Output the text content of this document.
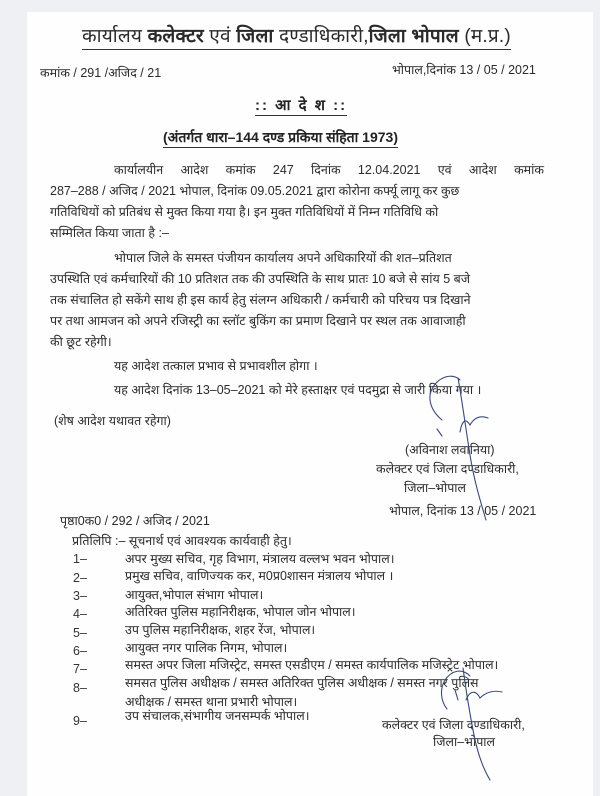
कार्यालय कलेक्टर एवं जिला दण्डाधिकारी,जिला भोपाल (म.प्र.)
कमांक / 291 /अजिद / 21	भोपाल,दिनांक 13 / 05 / 2021
:: आ दे श ::
(अंतर्गत धारा–144 दण्ड प्रकिया संहिता 1973)
कार्यालयीन आदेश कमांक 247 दिनांक 12.04.2021 एवं आदेश कमांक
287–288 / अजिद / 2021 भोपाल, दिनांक 09.05.2021 द्वारा कोरोना कर्फ्यू लागू कर कुछ
गतिविधियों को प्रतिबंध से मुक्त किया गया है। इन मुक्त गतिविधियों में निम्न गतिविधि को
सम्मिलित किया जाता है :–
भोपाल जिले के समस्त पंजीयन कार्यालय अपने अधिकारियों की शत–प्रतिशत
उपस्थिति एवं कर्मचारियों की 10 प्रतिशत तक की उपस्थिति के साथ प्रातः 10 बजे से सांय 5 बजे
तक संचालित हो सकेंगे साथ ही इस कार्य हेतु संलग्न अधिकारी / कर्मचारी को परिचय पत्र दिखाने
पर तथा आमजन को अपने रजिस्ट्री का स्लॉट बुकिंग का प्रमाण दिखाने पर स्थल तक आवाजाही
की छूट रहेगी।
यह आदेश तत्काल प्रभाव से प्रभावशील होगा ।
यह आदेश दिनांक 13–05–2021 को मेरे हस्ताक्षर एवं पदमुद्रा से जारी किया गया ।
(शेष आदेश यथावत रहेगा)
(अविनाश लवानिया)
कलेक्टर एवं जिला दण्डाधिकारी,
जिला–भोपाल
भोपाल, दिनांक 13 / 05 / 2021
पृष्ठा0क0 / 292 / अजिद / 2021
प्रतिलिपि :– सूचनार्थ एवं आवश्यक कार्यवाही हेतु।
1–	अपर मुख्य सचिव, गृह विभाग, मंत्रालय वल्लभ भवन भोपाल।
2–	प्रमुख सचिव, वाणिज्यक कर, म0प्र0शासन मंत्रालय भोपाल ।
3–	आयुक्त,भोपाल संभाग भोपाल।
4–	अतिरिक्त पुलिस महानिरीक्षक, भोपाल जोन भोपाल।
5–	उप पुलिस महानिरीक्षक, शहर रेंज, भोपाल।
6–	आयुक्त नगर पालिक निगम, भोपाल।
7–	समस्त अपर जिला मजिस्ट्रेट, समस्त एसडीएम / समस्त कार्यपालिक मजिस्ट्रेट भोपाल।
8–	समसत पुलिस अधीक्षक / समस्त अतिरिक्त पुलिस अधीक्षक / समस्त नगर पुलिस
अधीक्षक / समस्त थाना प्रभारी भोपाल।
9–	उप संचालक,संभागीय जनसम्पर्क भोपाल।
कलेक्टर एवं जिला दण्डाधिकारी,
जिला–भोपाल
